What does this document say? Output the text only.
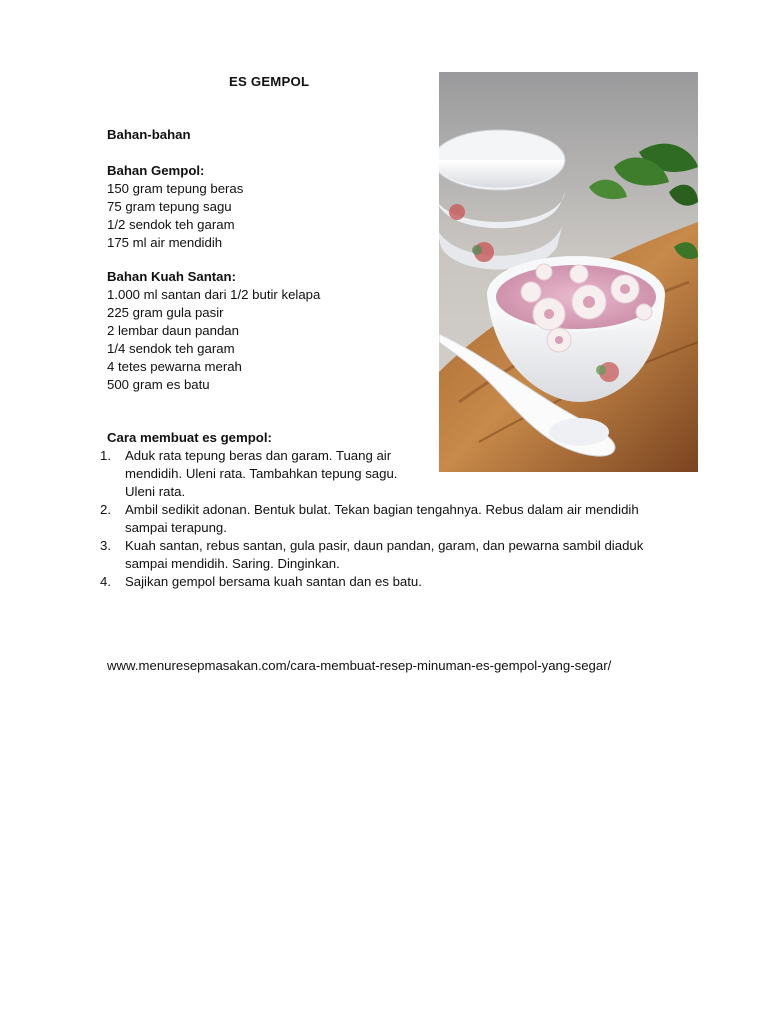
ES GEMPOL
Bahan-bahan
Bahan Gempol:
150 gram tepung beras
75 gram tepung sagu
1/2 sendok teh garam
175 ml air mendidih
Bahan Kuah Santan:
1.000 ml santan dari 1/2 butir kelapa
225 gram gula pasir
2 lembar daun pandan
1/4 sendok teh garam
4 tetes pewarna merah
500 gram es batu
Cara membuat es gempol:
1. Aduk rata tepung beras dan garam. Tuang air mendidih. Uleni rata. Tambahkan tepung sagu. Uleni rata.
2. Ambil sedikit adonan. Bentuk bulat. Tekan bagian tengahnya. Rebus dalam air mendidih sampai terapung.
3. Kuah santan, rebus santan, gula pasir, daun pandan, garam, dan pewarna sambil diaduk sampai mendidih. Saring. Dinginkan.
4. Sajikan gempol bersama kuah santan dan es batu.
www.menuresepmasakan.com/cara-membuat-resep-minuman-es-gempol-yang-segar/
